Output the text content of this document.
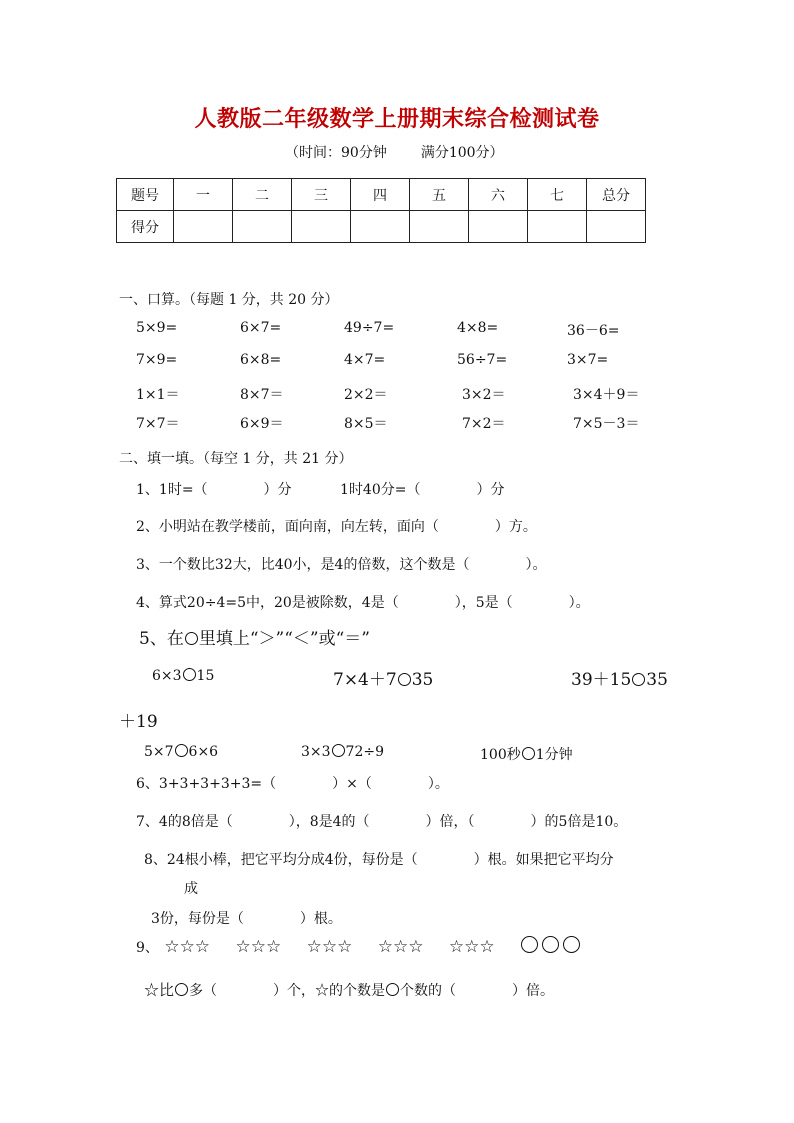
人教版二年级数学上册期末综合检测试卷
（时间：90分钟 满分100分）
题号	一	二	三	四	五	六	七	总分
得分								
一、口算。（每题 1 分，共 20 分）
5×9=	6×7=	49÷7=	4×8=	36－6=
7×9=	6×8=	4×7=	56÷7=	3×7=
1×1＝	8×7＝	2×2＝	3×2＝	3×4＋9＝
7×7＝	6×9＝	8×5＝	7×2＝	7×5－3＝
二、填一填。（每空 1 分，共 21 分）
1、1时=（　　　　）分	1时40分=（　　　　）分
2、小明站在教学楼前，面向南，向左转，面向（　　　　）方。
3、一个数比32大，比40小，是4的倍数，这个数是（　　　　）。
4、算式20÷4=5中，20是被除数，4是（　　　　），5是（　　　　）。
5、在 里填上“＞”“＜”或“＝”
6×3 15	7×4＋7 35	39＋15 35
＋19
5×7 6×6	3×3 72÷9	100秒 1分钟
6、3+3+3+3+3=（　　　　）×（　　　　）。
7、4的8倍是（　　　　），8是4的（　　　　）倍，（　　　　）的5倍是10。
8、24根小棒，把它平均分成4份，每份是（　　　　）根。如果把它平均分
成
3份，每份是（　　　　）根。
9、 ☆☆☆ ☆☆☆ ☆☆☆ ☆☆☆ ☆☆☆
☆比 多（　　　　）个，☆的个数是 个数的（　　　　）倍。
